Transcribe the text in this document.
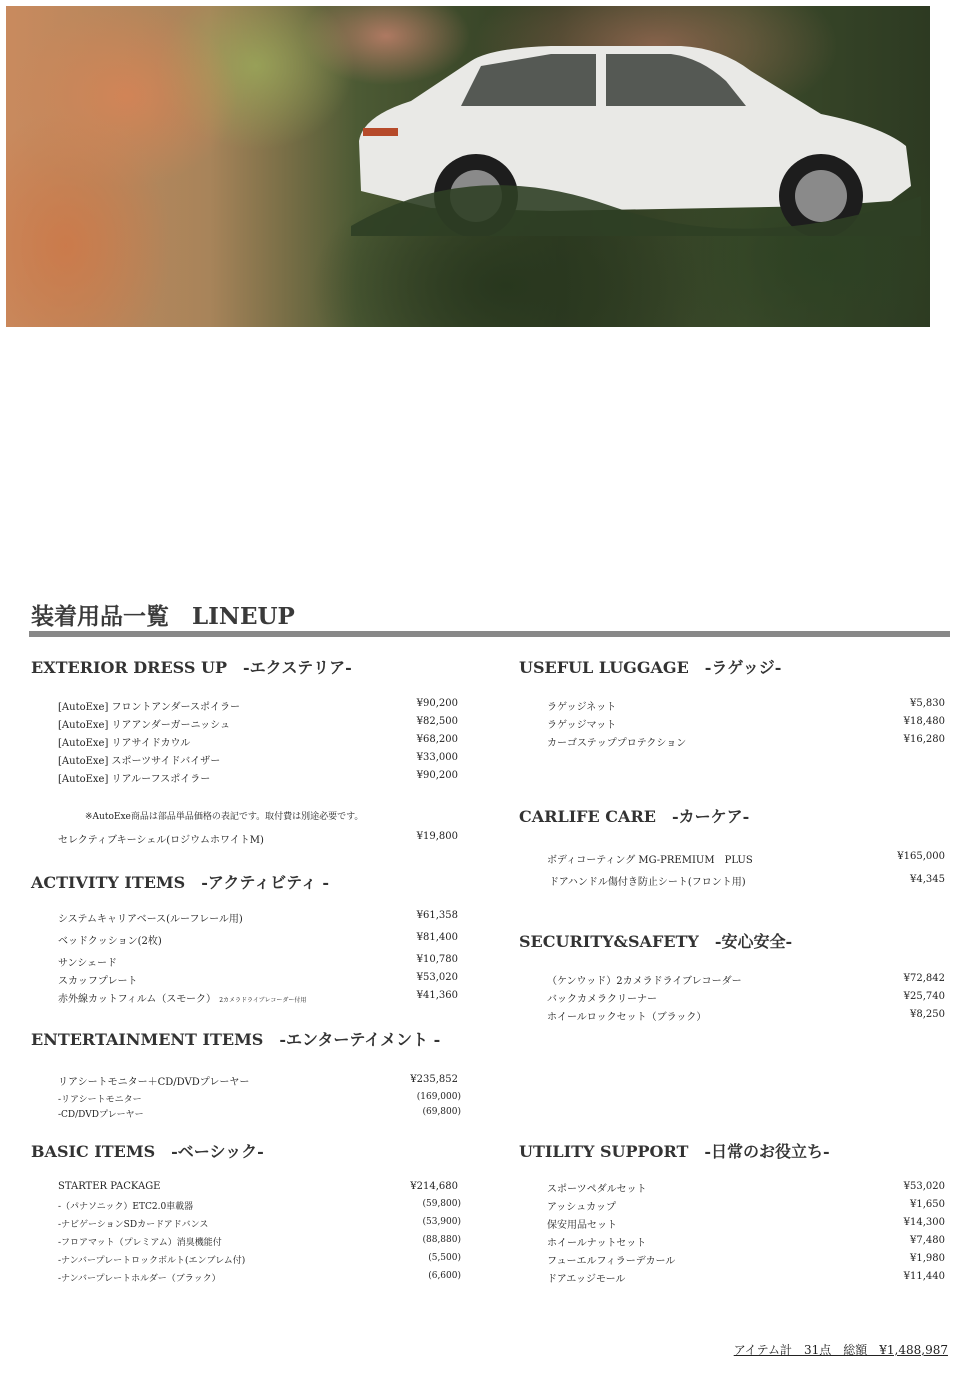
装着用品一覧　LINEUP
EXTERIOR DRESS UP　-エクステリア-
[AutoExe] フロントアンダースポイラー	¥90,200
[AutoExe] リアアンダーガーニッシュ	¥82,500
[AutoExe] リアサイドカウル	¥68,200
[AutoExe] スポーツサイドバイザー	¥33,000
[AutoExe] リアルーフスポイラー	¥90,200
※AutoExe商品は部品単品価格の表記です。取付費は別途必要です。
セレクティブキーシェル(ロジウムホワイトM)	¥19,800
ACTIVITY ITEMS　-アクティビティ -
システムキャリアベース(ルーフレール用)	¥61,358
ベッドクッション(2枚)	¥81,400
サンシェード	¥10,780
スカッフプレート	¥53,020
赤外線カットフィルム（スモーク） 2カメラドライブレコーダー付用	¥41,360
ENTERTAINMENT ITEMS　-エンターテイメント -
リアシートモニター＋CD/DVDプレーヤー	¥235,852
-リアシートモニター	(169,000)
-CD/DVDプレーヤー	(69,800)
BASIC ITEMS　-ベーシック-
STARTER PACKAGE	¥214,680
-（パナソニック）ETC2.0車載器	(59,800)
-ナビゲーションSDカードアドバンス	(53,900)
-フロアマット（プレミアム）消臭機能付	(88,880)
-ナンバープレートロックボルト(エンブレム付)	(5,500)
-ナンバープレートホルダー（ブラック）	(6,600)
USEFUL LUGGAGE　-ラゲッジ-
ラゲッジネット	¥5,830
ラゲッジマット	¥18,480
カーゴステッププロテクション	¥16,280
CARLIFE CARE　-カーケア-
ボディコーティング MG-PREMIUM　PLUS	¥165,000
ドアハンドル傷付き防止シート(フロント用)	¥4,345
SECURITY&SAFETY　-安心安全-
（ケンウッド）2カメラドライブレコーダー	¥72,842
バックカメラクリーナー	¥25,740
ホイールロックセット（ブラック）	¥8,250
UTILITY SUPPORT　-日常のお役立ち-
スポーツペダルセット	¥53,020
アッシュカップ	¥1,650
保安用品セット	¥14,300
ホイールナットセット	¥7,480
フューエルフィラーデカール	¥1,980
ドアエッジモール	¥11,440
アイテム計　31点　総額　¥1,488,987
